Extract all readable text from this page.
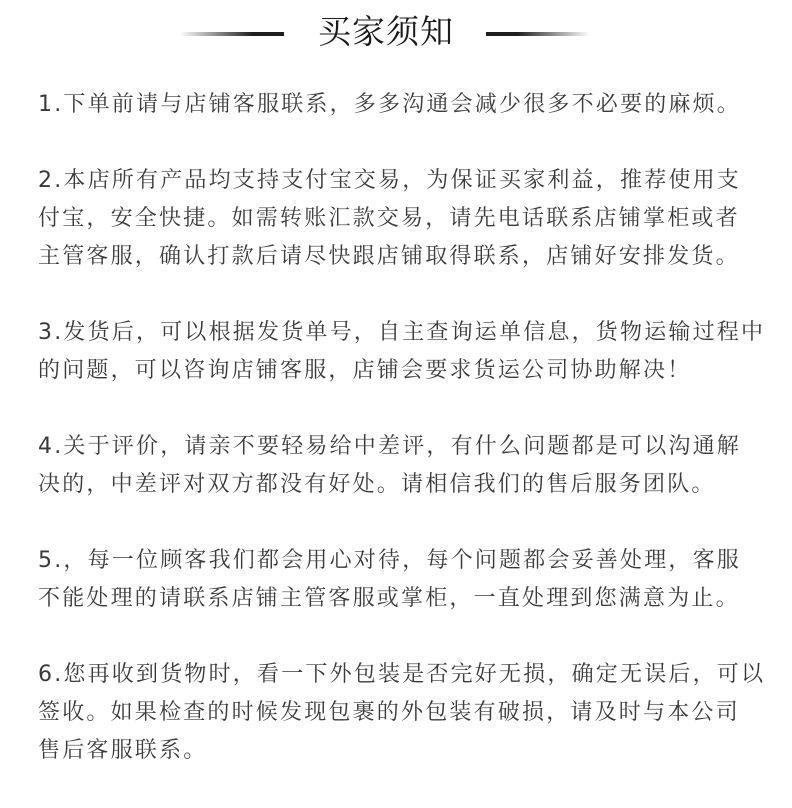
买家须知
1.下单前请与店铺客服联系，多多沟通会减少很多不必要的麻烦。
2.本店所有产品均支持支付宝交易，为保证买家利益，推荐使用支
付宝，安全快捷。如需转账汇款交易，请先电话联系店铺掌柜或者
主管客服，确认打款后请尽快跟店铺取得联系，店铺好安排发货。
3.发货后，可以根据发货单号，自主查询运单信息，货物运输过程中
的问题，可以咨询店铺客服，店铺会要求货运公司协助解决！
4.关于评价，请亲不要轻易给中差评，有什么问题都是可以沟通解
决的，中差评对双方都没有好处。请相信我们的售后服务团队。
5.，每一位顾客我们都会用心对待，每个问题都会妥善处理，客服
不能处理的请联系店铺主管客服或掌柜，一直处理到您满意为止。
6.您再收到货物时，看一下外包装是否完好无损，确定无误后，可以
签收。如果检查的时候发现包裹的外包装有破损，请及时与本公司
售后客服联系。
